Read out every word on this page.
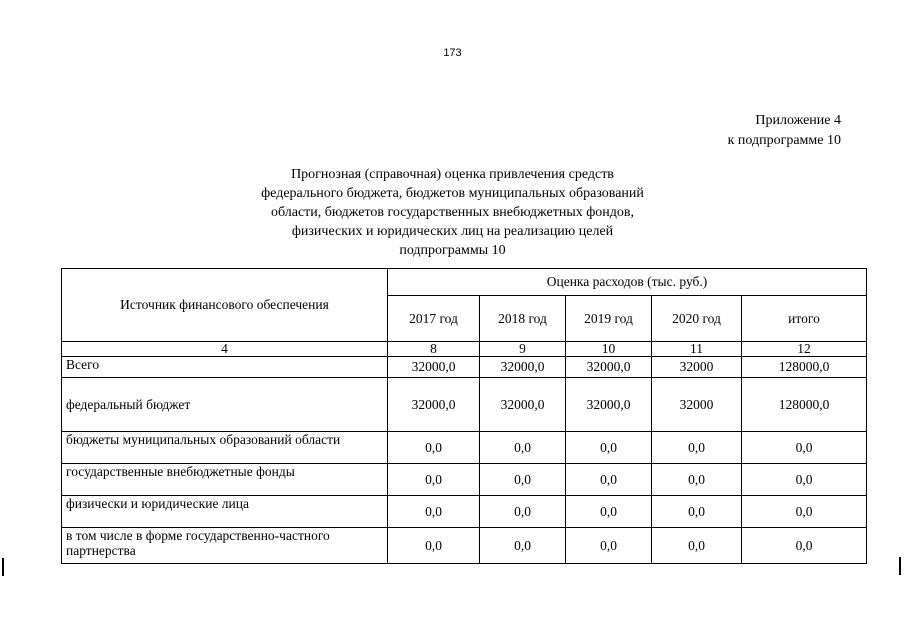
173
Приложение 4
к подпрограмме 10
Прогнозная (справочная) оценка привлечения средств
федерального бюджета, бюджетов муниципальных образований
области, бюджетов государственных внебюджетных фондов,
физических и юридических лиц на реализацию целей
подпрограммы 10
Источник финансового обеспечения	Оценка расходов (тыс. руб.)				
	2017 год	2018 год	2019 год	2020 год	итого
4	8	9	10	11	12
Всего	32000,0	32000,0	32000,0	32000	128000,0
федеральный бюджет	32000,0	32000,0	32000,0	32000	128000,0
бюджеты муниципальных образований области	0,0	0,0	0,0	0,0	0,0
государственные внебюджетные фонды	0,0	0,0	0,0	0,0	0,0
физически и юридические лица	0,0	0,0	0,0	0,0	0,0
в том числе в форме государственно-частного партнерства	0,0	0,0	0,0	0,0	0,0
